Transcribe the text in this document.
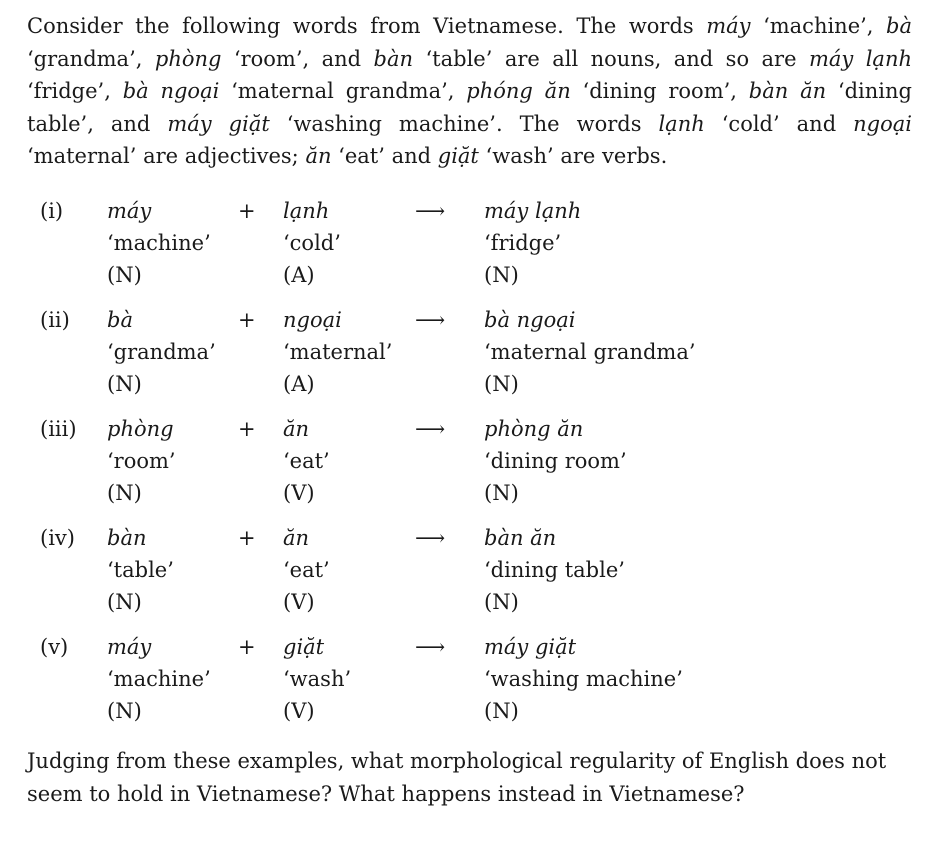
Consider the following words from Vietnamese. The words máy ‘machine’, bà ‘grandma’, phòng ‘room’, and bàn ‘table’ are all nouns, and so are máy lạnh ‘fridge’, bà ngoại ‘maternal grandma’, phóng ăn ‘dining room’, bàn ăn ‘dining table’, and máy giặt ‘washing machine’. The words lạnh ‘cold’ and ngoại ‘maternal’ are adjectives; ăn ‘eat’ and giặt ‘wash’ are verbs.

(i) máy	+ lạnh	⟶ máy lạnh
‘machine’	‘cold’	‘fridge’
(N)	(A)	(N)
(ii) bà	+ ngoại	⟶ bà ngoại
‘grandma’	‘maternal’	‘maternal grandma’
(N)	(A)	(N)
(iii) phòng	+ ăn	⟶ phòng ăn
‘room’	‘eat’	‘dining room’
(N)	(V)	(N)
(iv) bàn	+ ăn	⟶ bàn ăn
‘table’	‘eat’	‘dining table’
(N)	(V)	(N)
(v) máy	+ giặt	⟶ máy giặt
‘machine’	‘wash’	‘washing machine’
(N)	(V)	(N)

Judging from these examples, what morphological regularity of English does not seem to hold in Vietnamese? What happens instead in Vietnamese?
